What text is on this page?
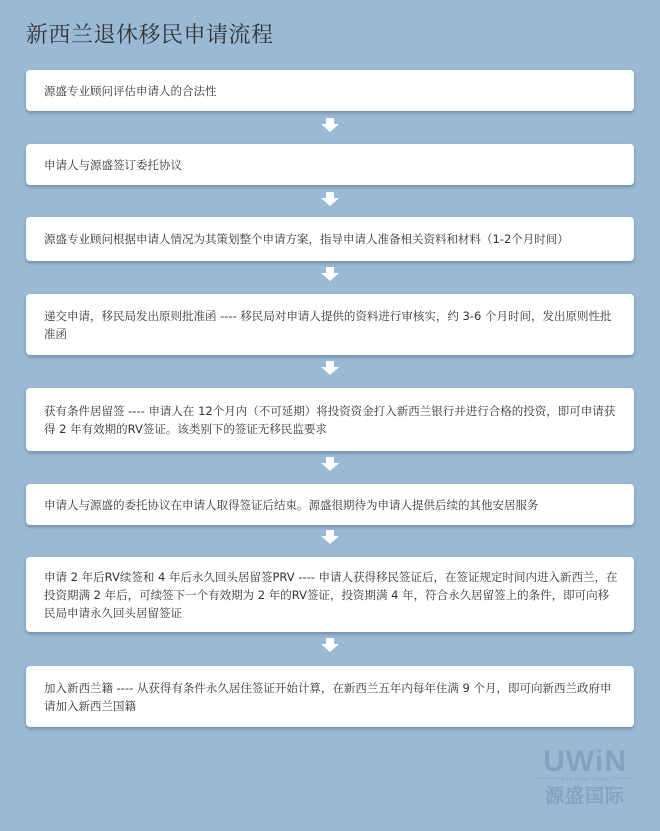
新西兰退休移民申请流程
源盛专业顾问评估申请人的合法性
申请人与源盛签订委托协议
源盛专业顾问根据申请人情况为其策划整个申请方案，指导申请人准备相关资料和材料（1-2个月时间）
递交申请，移民局发出原则批准函 ---- 移民局对申请人提供的资料进行审核实，约 3-6 个月时间，发出原则性批准函
获有条件居留签 ---- 申请人在 12个月内（不可延期）将投资资金打入新西兰银行并进行合格的投资，即可申请获得 2 年有效期的RV签证。该类别下的签证无移民监要求
申请人与源盛的委托协议在申请人取得签证后结束。源盛很期待为申请人提供后续的其他安居服务
申请 2 年后RV续签和 4 年后永久回头居留签PRV ---- 申请人获得移民签证后，在签证规定时间内进入新西兰，在投资期满 2 年后，可续签下一个有效期为 2 年的RV签证，投资期满 4 年，符合永久居留签上的条件，即可向移民局申请永久回头居留签证
加入新西兰籍 ---- 从获得有条件永久居住签证开始计算，在新西兰五年内每年住满 9 个月，即可向新西兰政府申请加入新西兰国籍
UWiN
INTERNATIONAL
源盛国际
